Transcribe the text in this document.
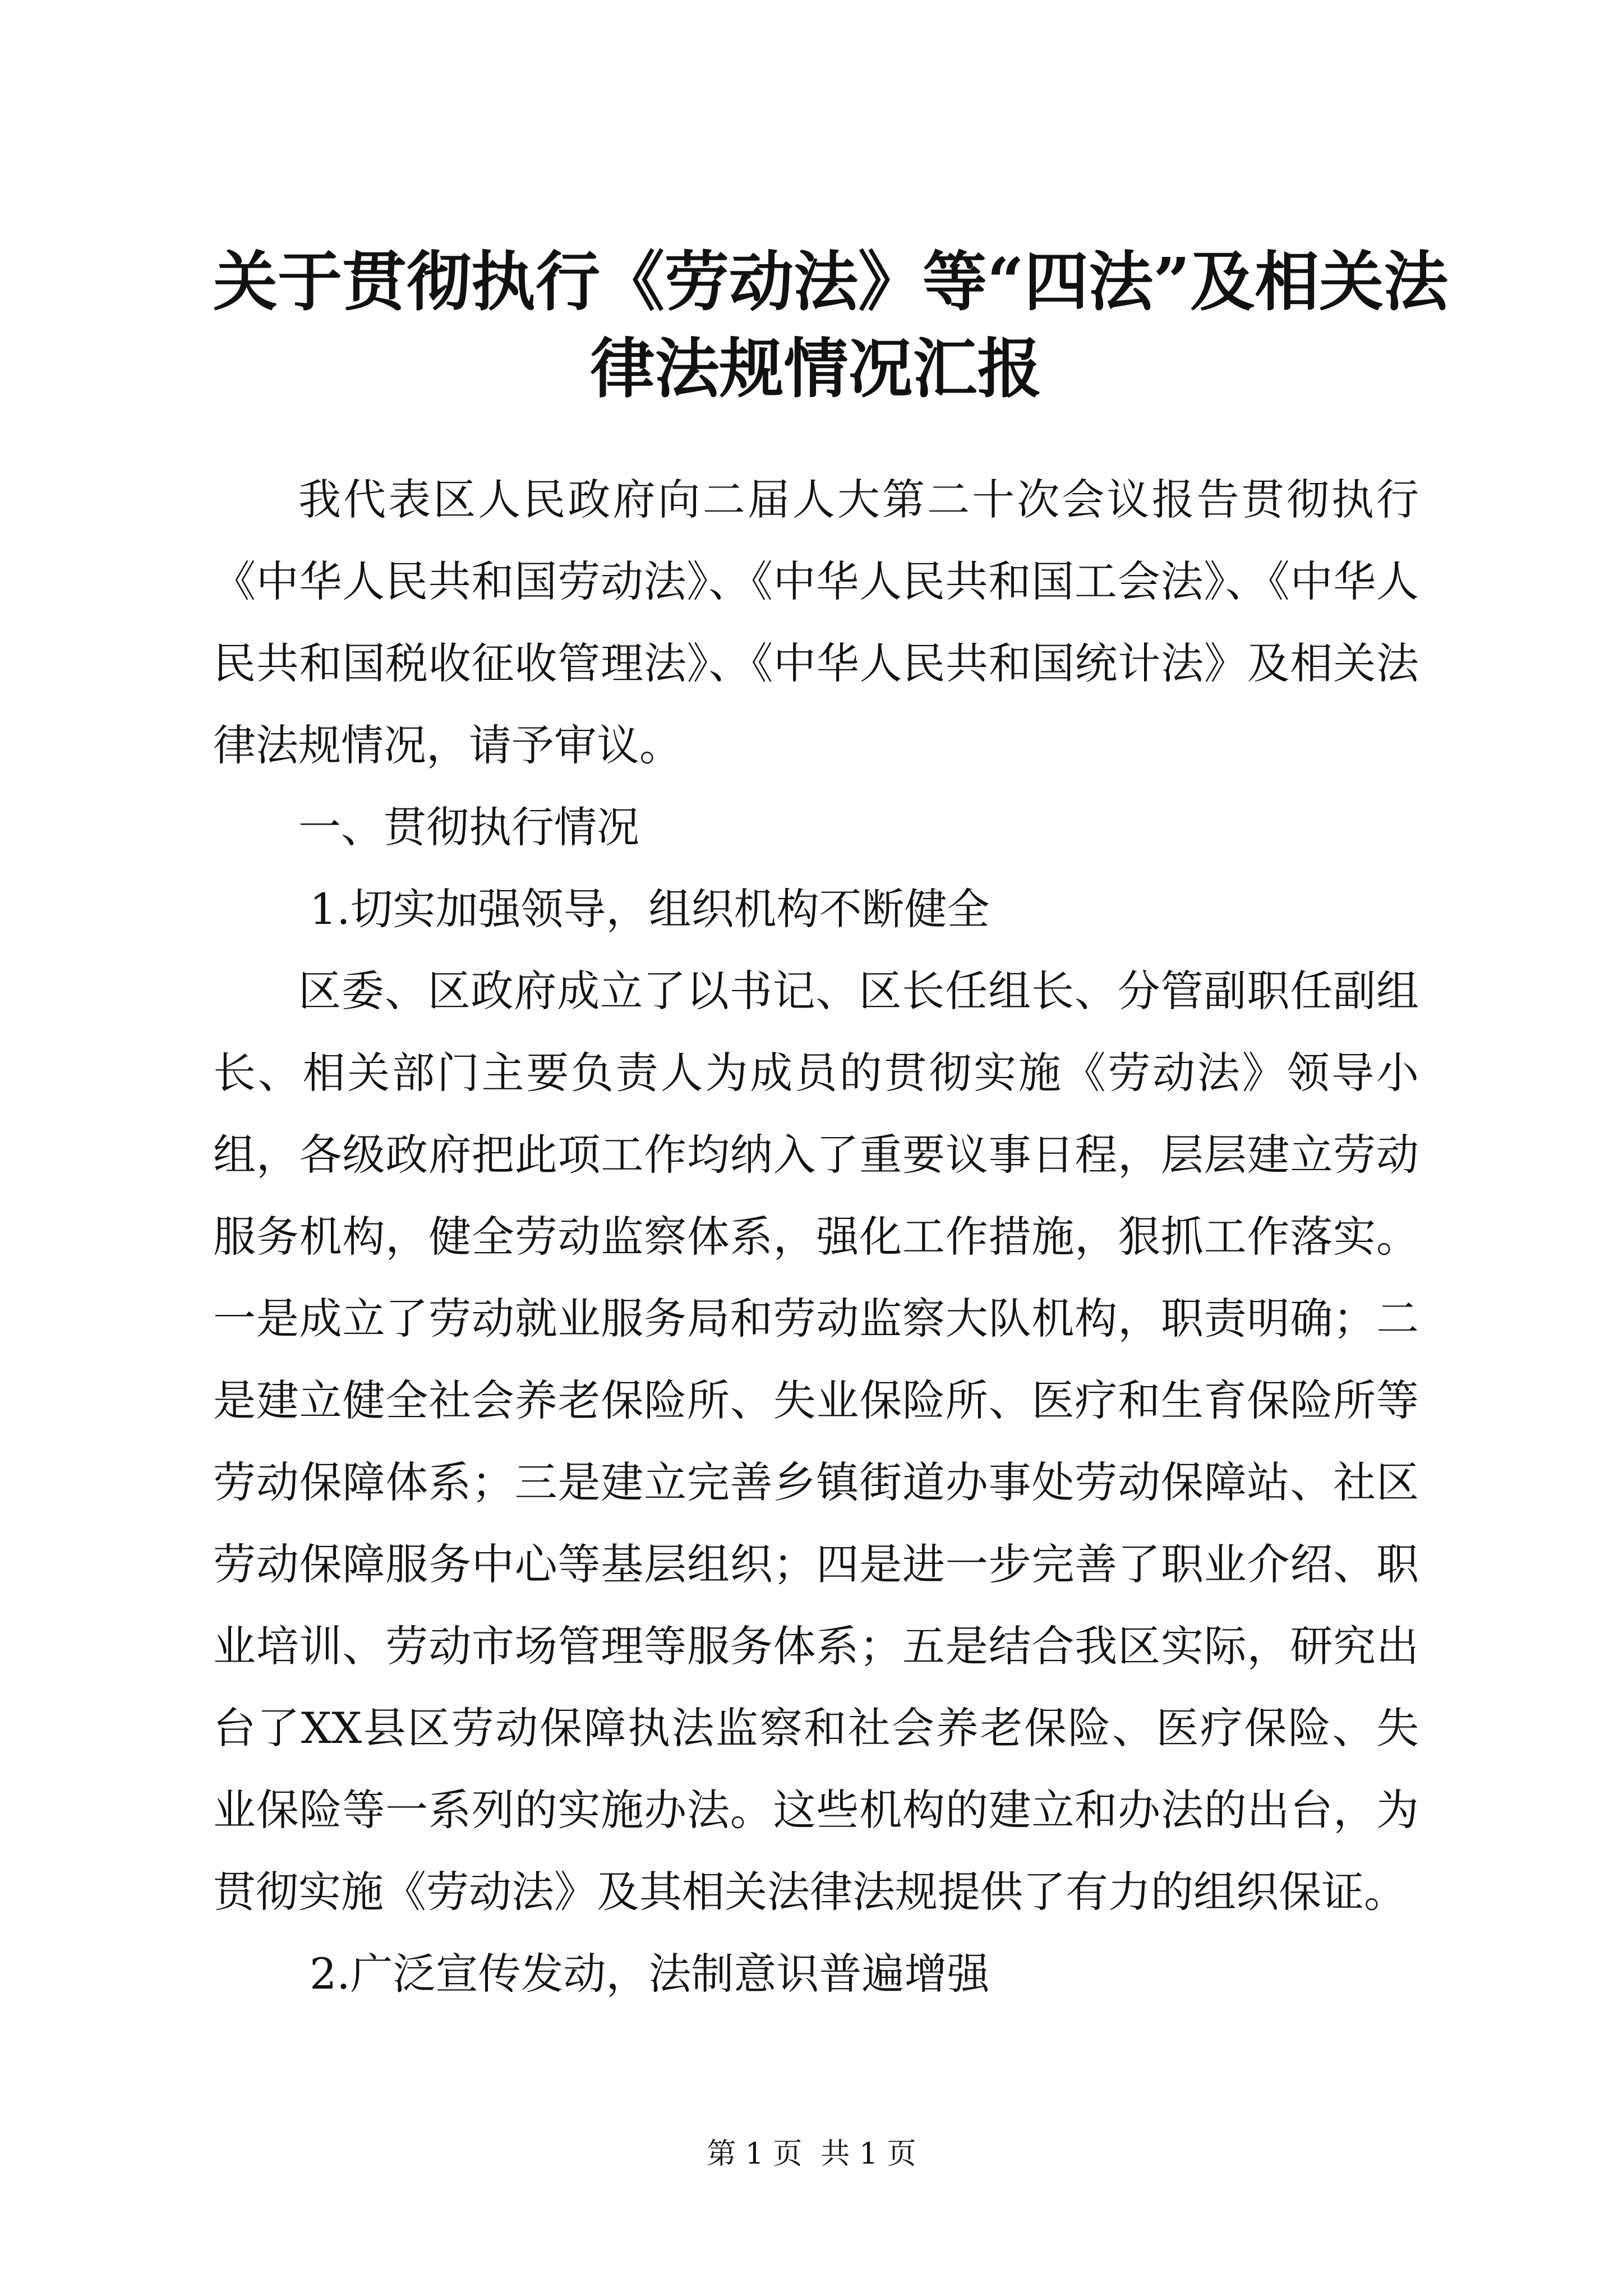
关于贯彻执行《劳动法》等“四法”及相关法
律法规情况汇报

我代表区人民政府向二届人大第二十次会议报告贯彻执行《中华人民共和国劳动法》、《中华人民共和国工会法》、《中华人民共和国税收征收管理法》、《中华人民共和国统计法》及相关法律法规情况，请予审议。

一、贯彻执行情况

1.切实加强领导，组织机构不断健全

区委、区政府成立了以书记、区长任组长、分管副职任副组长、相关部门主要负责人为成员的贯彻实施《劳动法》领导小组，各级政府把此项工作均纳入了重要议事日程，层层建立劳动服务机构，健全劳动监察体系，强化工作措施，狠抓工作落实。一是成立了劳动就业服务局和劳动监察大队机构，职责明确；二是建立健全社会养老保险所、失业保险所、医疗和生育保险所等劳动保障体系；三是建立完善乡镇街道办事处劳动保障站、社区劳动保障服务中心等基层组织；四是进一步完善了职业介绍、职业培训、劳动市场管理等服务体系；五是结合我区实际，研究出台了XX县区劳动保障执法监察和社会养老保险、医疗保险、失业保险等一系列的实施办法。这些机构的建立和办法的出台，为贯彻实施《劳动法》及其相关法律法规提供了有力的组织保证。

2.广泛宣传发动，法制意识普遍增强

第 1 页  共 1 页
